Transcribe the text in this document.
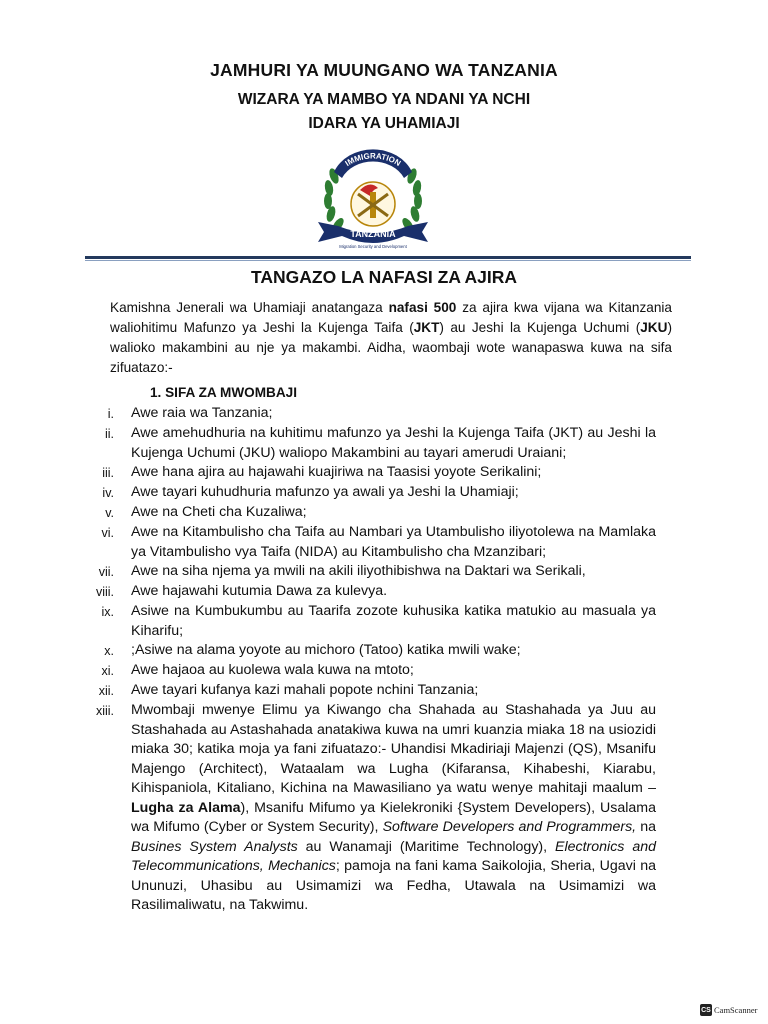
JAMHURI YA MUUNGANO WA TANZANIA
WIZARA YA MAMBO YA NDANI YA NCHI
IDARA YA UHAMIAJI
IMMIGRATION
TANZANIA
Migration Security and Development
TANGAZO LA NAFASI ZA AJIRA
Kamishna Jenerali wa Uhamiaji anatangaza nafasi 500 za ajira kwa vijana wa Kitanzania waliohitimu Mafunzo ya Jeshi la Kujenga Taifa (JKT) au Jeshi la Kujenga Uchumi (JKU) walioko makambini au nje ya makambi. Aidha, waombaji wote wanapaswa kuwa na sifa zifuatazo:-
1. SIFA ZA MWOMBAJI
i.	Awe raia wa Tanzania;
ii.	Awe amehudhuria na kuhitimu mafunzo ya Jeshi la Kujenga Taifa (JKT) au Jeshi la Kujenga Uchumi (JKU) waliopo Makambini au tayari amerudi Uraiani;
iii.	Awe hana ajira au hajawahi kuajiriwa na Taasisi yoyote Serikalini;
iv.	Awe tayari kuhudhuria mafunzo ya awali ya Jeshi la Uhamiaji;
v.	Awe na Cheti cha Kuzaliwa;
vi.	Awe na Kitambulisho cha Taifa au Nambari ya Utambulisho iliyotolewa na Mamlaka ya Vitambulisho vya Taifa (NIDA) au Kitambulisho cha Mzanzibari;
vii.	Awe na siha njema ya mwili na akili iliyothibishwa na Daktari wa Serikali,
viii.	Awe hajawahi kutumia Dawa za kulevya.
ix.	Asiwe na Kumbukumbu au Taarifa zozote kuhusika katika matukio au masuala ya Kiharifu;
x.	;Asiwe na alama yoyote au michoro (Tatoo) katika mwili wake;
xi.	Awe hajaoa au kuolewa wala kuwa na mtoto;
xii.	Awe tayari kufanya kazi mahali popote nchini Tanzania;
xiii.	Mwombaji mwenye Elimu ya Kiwango cha Shahada au Stashahada ya Juu au Stashahada au Astashahada anatakiwa kuwa na umri kuanzia miaka 18 na usiozidi miaka 30; katika moja ya fani zifuatazo:- Uhandisi Mkadiriaji Majenzi (QS), Msanifu Majengo (Architect), Wataalam wa Lugha (Kifaransa, Kihabeshi, Kiarabu, Kihispaniola, Kitaliano, Kichina na Mawasiliano ya watu wenye mahitaji maalum – Lugha za Alama), Msanifu Mifumo ya Kielekroniki {System Developers), Usalama wa Mifumo (Cyber or System Security), Software Developers and Programmers, na Busines System Analysts au Wanamaji (Maritime Technology), Electronics and Telecommunications, Mechanics; pamoja na fani kama Saikolojia, Sheria, Ugavi na Ununuzi, Uhasibu au Usimamizi wa Fedha, Utawala na Usimamizi wa Rasilimaliwatu, na Takwimu.
CS CamScanner
